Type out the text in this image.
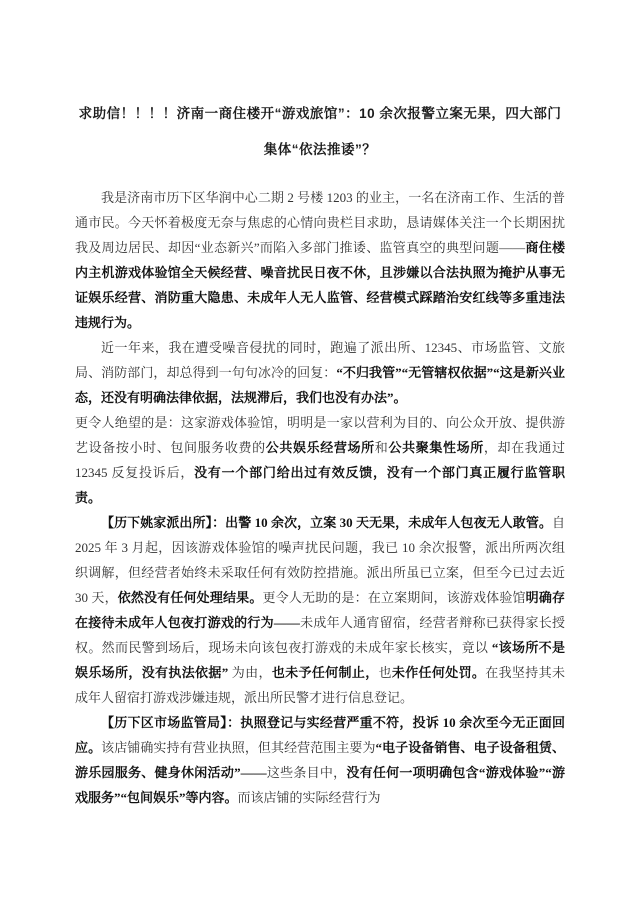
求助信！！！！济南一商住楼开“游戏旅馆”：10 余次报警立案无果，四大部门集体“依法推诿”？

我是济南市历下区华润中心二期 2 号楼 1203 的业主，一名在济南工作、生活的普通市民。今天怀着极度无奈与焦虑的心情向贵栏目求助，恳请媒体关注一个长期困扰我及周边居民、却因“业态新兴”而陷入多部门推诿、监管真空的典型问题——商住楼内主机游戏体验馆全天候经营、噪音扰民日夜不休，且涉嫌以合法执照为掩护从事无证娱乐经营、消防重大隐患、未成年人无人监管、经营模式踩踏治安红线等多重违法违规行为。

近一年来，我在遭受噪音侵扰的同时，跑遍了派出所、12345、市场监管、文旅局、消防部门，却总得到一句句冰冷的回复：“不归我管”“无管辖权依据”“这是新兴业态，还没有明确法律依据，法规滞后，我们也没有办法”。

更令人绝望的是：这家游戏体验馆，明明是一家以营利为目的、向公众开放、提供游艺设备按小时、包间服务收费的公共娱乐经营场所和公共聚集性场所，却在我通过 12345 反复投诉后，没有一个部门给出过有效反馈，没有一个部门真正履行监管职责。

【历下姚家派出所】：出警 10 余次，立案 30 天无果，未成年人包夜无人敢管。自 2025 年 3 月起，因该游戏体验馆的噪声扰民问题，我已 10 余次报警，派出所两次组织调解，但经营者始终未采取任何有效防控措施。派出所虽已立案，但至今已过去近 30 天，依然没有任何处理结果。更令人无助的是：在立案期间，该游戏体验馆明确存在接待未成年人包夜打游戏的行为——未成年人通宵留宿，经营者辩称已获得家长授权。然而民警到场后，现场未向该包夜打游戏的未成年家长核实，竟以 “该场所不是娱乐场所，没有执法依据” 为由，也未予任何制止，也未作任何处罚。在我坚持其未成年人留宿打游戏涉嫌违规，派出所民警才进行信息登记。

【历下区市场监管局】：执照登记与实经营严重不符，投诉 10 余次至今无正面回应。该店铺确实持有营业执照，但其经营范围主要为“电子设备销售、电子设备租赁、游乐园服务、健身休闲活动”——这些条目中，没有任何一项明确包含“游戏体验”“游戏服务”“包间娱乐”等内容。而该店铺的实际经营行为
